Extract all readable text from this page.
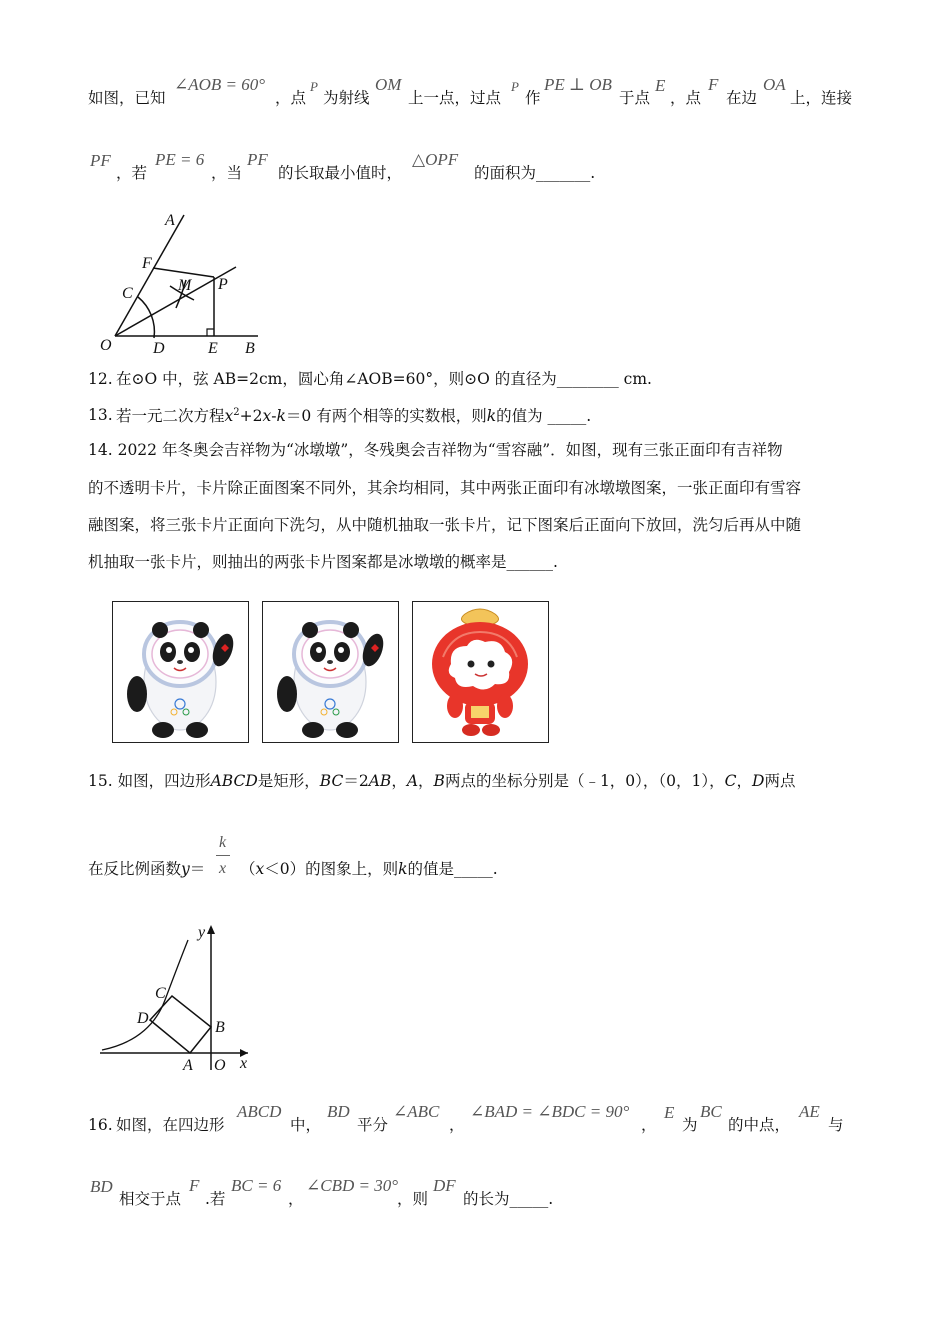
如图，已知
∠AOB = 60°
，点
P
为射线
OM
上一点，过点
P
作
PE ⊥ OB
于点
E
，点
F
在边
OA
上，连接
PF
，若
PE = 6
，当
PF
的长取最小值时，
△OPF
的面积为_______.
A
F
M P
C
O	D	E B
12. 在⊙O 中，弦 AB=2cm，圆心角∠AOB=60°，则⊙O 的直径为________ cm.
13. 若一元二次方程$x^2+2x-k=0$ 有两个相等的实数根，则k的值为 _____.
14. 2022 年冬奥会吉祥物为“冰墩墩”，冬残奥会吉祥物为“雪容融”．如图，现有三张正面印有吉祥物
的不透明卡片，卡片除正面图案不同外，其余均相同，其中两张正面印有冰墩墩图案，一张正面印有雪容
融图案，将三张卡片正面向下洗匀，从中随机抽取一张卡片，记下图案后正面向下放回，洗匀后再从中随
机抽取一张卡片，则抽出的两张卡片图案都是冰墩墩的概率是______.
15. 如图，四边形ABCD是矩形，BC＝2AB，A，B两点的坐标分别是（﹣1，0），（0，1），C，D两点
在反比例函数y＝
k
x （x＜0）的图象上，则k的值是_____.
y
C
D
B
A O x
16. 如图，在四边形
ABCD
中，
BD
平分
∠ABC
，
∠BAD = ∠BDC = 90°
，
E
为
BC
的中点，
AE
与
BD
相交于点
F
.若
BC = 6
，
∠CBD = 30°
，则
DF
的长为_____.
